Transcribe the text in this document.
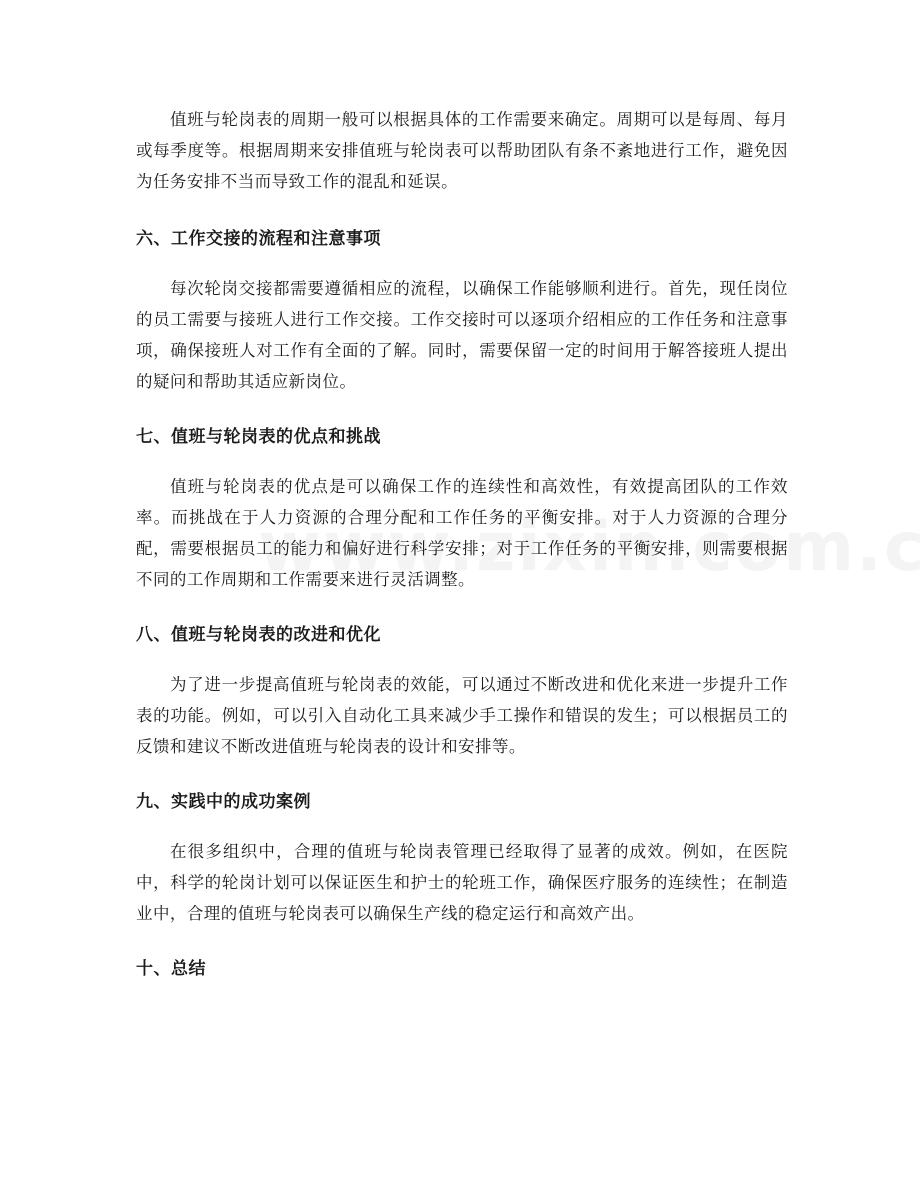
值班与轮岗表的周期一般可以根据具体的工作需要来确定。周期可以是每周、每月或每季度等。根据周期来安排值班与轮岗表可以帮助团队有条不紊地进行工作，避免因为任务安排不当而导致工作的混乱和延误。

六、工作交接的流程和注意事项

每次轮岗交接都需要遵循相应的流程，以确保工作能够顺利进行。首先，现任岗位的员工需要与接班人进行工作交接。工作交接时可以逐项介绍相应的工作任务和注意事项，确保接班人对工作有全面的了解。同时，需要保留一定的时间用于解答接班人提出的疑问和帮助其适应新岗位。

七、值班与轮岗表的优点和挑战

值班与轮岗表的优点是可以确保工作的连续性和高效性，有效提高团队的工作效率。而挑战在于人力资源的合理分配和工作任务的平衡安排。对于人力资源的合理分配，需要根据员工的能力和偏好进行科学安排；对于工作任务的平衡安排，则需要根据不同的工作周期和工作需要来进行灵活调整。

八、值班与轮岗表的改进和优化

为了进一步提高值班与轮岗表的效能，可以通过不断改进和优化来进一步提升工作表的功能。例如，可以引入自动化工具来减少手工操作和错误的发生；可以根据员工的反馈和建议不断改进值班与轮岗表的设计和安排等。

九、实践中的成功案例

在很多组织中，合理的值班与轮岗表管理已经取得了显著的成效。例如，在医院中，科学的轮岗计划可以保证医生和护士的轮班工作，确保医疗服务的连续性；在制造业中，合理的值班与轮岗表可以确保生产线的稳定运行和高效产出。

十、总结
